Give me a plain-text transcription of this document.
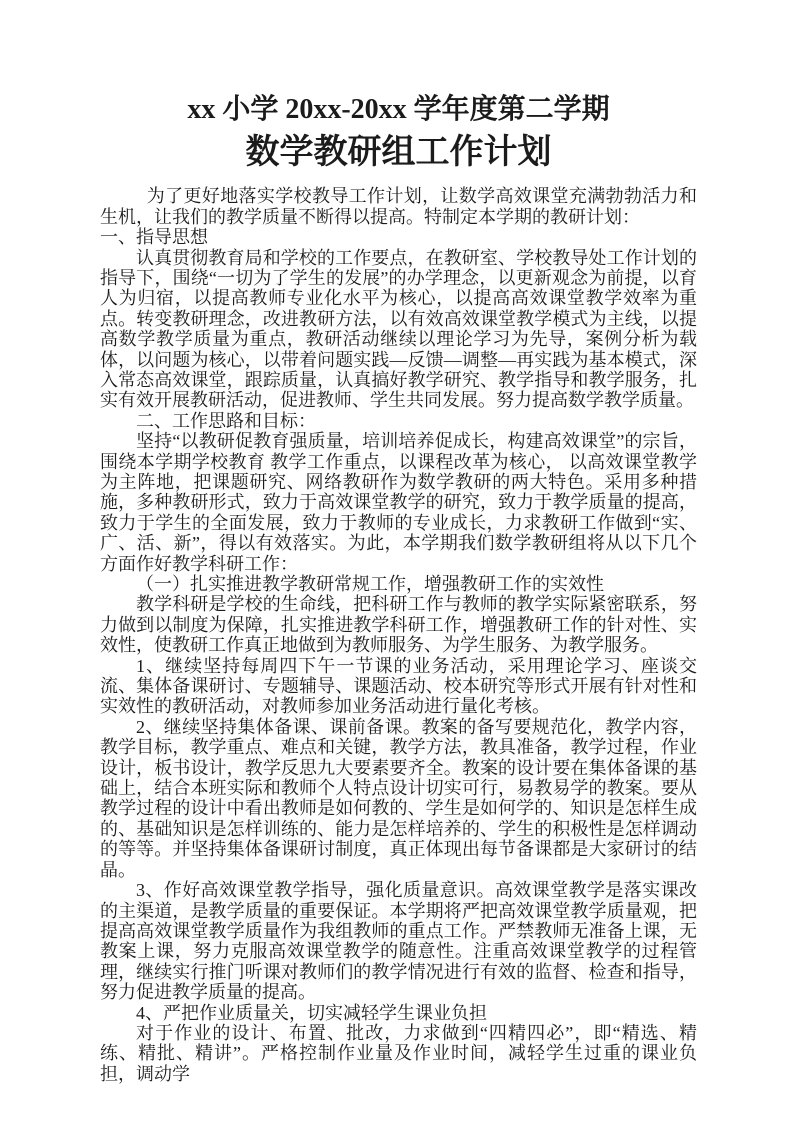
xx 小学 20xx-20xx 学年度第二学期
数学教研组工作计划

为了更好地落实学校教导工作计划，让数学高效课堂充满勃勃活力和生机，让我们的教学质量不断得以提高。特制定本学期的教研计划：

一、指导思想

认真贯彻教育局和学校的工作要点，在教研室、学校教导处工作计划的指导下，围绕“一切为了学生的发展”的办学理念，以更新观念为前提，以育人为归宿，以提高教师专业化水平为核心，以提高高效课堂教学效率为重点。转变教研理念，改进教研方法，以有效高效课堂教学模式为主线，以提高数学教学质量为重点，教研活动继续以理论学习为先导，案例分析为载体，以问题为核心，以带着问题实践—反馈—调整—再实践为基本模式，深入常态高效课堂，跟踪质量，认真搞好教学研究、教学指导和教学服务，扎实有效开展教研活动，促进教师、学生共同发展。努力提高数学教学质量。

二、工作思路和目标：

坚持“以教研促教育强质量，培训培养促成长，构建高效课堂”的宗旨，围绕本学期学校教育 教学工作重点，以课程改革为核心， 以高效课堂教学为主阵地，把课题研究、网络教研作为数学教研的两大特色。采用多种措施，多种教研形式，致力于高效课堂教学的研究，致力于教学质量的提高，致力于学生的全面发展，致力于教师的专业成长，力求教研工作做到“实、广、活、新”，得以有效落实。为此，本学期我们数学教研组将从以下几个方面作好教学科研工作：

（一）扎实推进教学教研常规工作，增强教研工作的实效性

教学科研是学校的生命线，把科研工作与教师的教学实际紧密联系，努力做到以制度为保障，扎实推进教学科研工作，增强教研工作的针对性、实效性，使教研工作真正地做到为教师服务、为学生服务、为教学服务。

1、继续坚持每周四下午一节课的业务活动，采用理论学习、座谈交流、集体备课研讨、专题辅导、课题活动、校本研究等形式开展有针对性和实效性的教研活动，对教师参加业务活动进行量化考核。

2、继续坚持集体备课、课前备课。教案的备写要规范化，教学内容，教学目标，教学重点、难点和关键，教学方法，教具准备，教学过程，作业设计，板书设计，教学反思九大要素要齐全。教案的设计要在集体备课的基础上，结合本班实际和教师个人特点设计切实可行，易教易学的教案。要从教学过程的设计中看出教师是如何教的、学生是如何学的、知识是怎样生成的、基础知识是怎样训练的、能力是怎样培养的、学生的积极性是怎样调动的等等。并坚持集体备课研讨制度，真正体现出每节备课都是大家研讨的结晶。

3、作好高效课堂教学指导，强化质量意识。高效课堂教学是落实课改的主渠道，是教学质量的重要保证。本学期将严把高效课堂教学质量观，把提高高效课堂教学质量作为我组教师的重点工作。严禁教师无准备上课，无教案上课，努力克服高效课堂教学的随意性。注重高效课堂教学的过程管理，继续实行推门听课对教师们的教学情况进行有效的监督、检查和指导，努力促进教学质量的提高。

4、严把作业质量关，切实减轻学生课业负担

对于作业的设计、布置、批改，力求做到“四精四必”，即“精选、精练、精批、精讲”。严格控制作业量及作业时间，减轻学生过重的课业负担，调动学
